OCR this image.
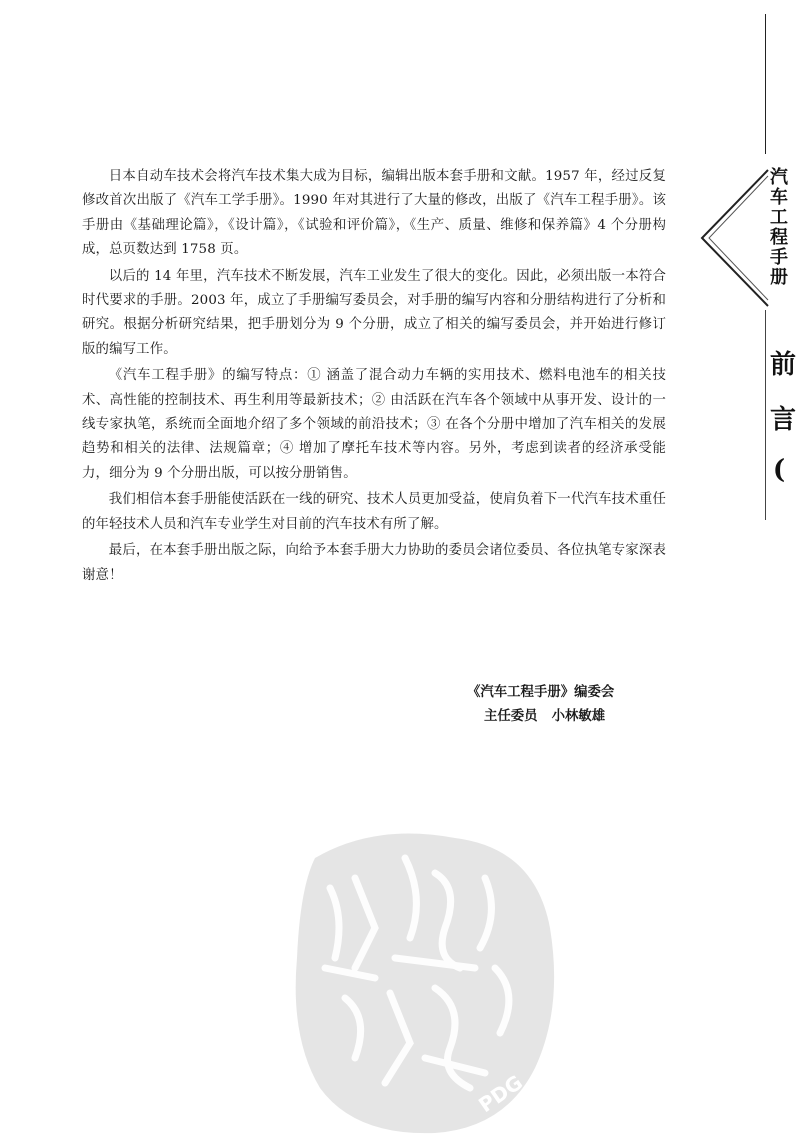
日本自动车技术会将汽车技术集大成为目标，编辑出版本套手册和文献。1957 年，经过反复修改首次出版了《汽车工学手册》。1990 年对其进行了大量的修改，出版了《汽车工程手册》。该手册由《基础理论篇》，《设计篇》，《试验和评价篇》，《生产、质量、维修和保养篇》4 个分册构成，总页数达到 1758 页。

以后的 14 年里，汽车技术不断发展，汽车工业发生了很大的变化。因此，必须出版一本符合时代要求的手册。2003 年，成立了手册编写委员会，对手册的编写内容和分册结构进行了分析和研究。根据分析研究结果，把手册划分为 9 个分册，成立了相关的编写委员会，并开始进行修订版的编写工作。

《汽车工程手册》的编写特点：① 涵盖了混合动力车辆的实用技术、燃料电池车的相关技术、高性能的控制技术、再生利用等最新技术；② 由活跃在汽车各个领域中从事开发、设计的一线专家执笔，系统而全面地介绍了多个领域的前沿技术；③ 在各个分册中增加了汽车相关的发展趋势和相关的法律、法规篇章；④ 增加了摩托车技术等内容。另外，考虑到读者的经济承受能力，细分为 9 个分册出版，可以按分册销售。

我们相信本套手册能使活跃在一线的研究、技术人员更加受益，使肩负着下一代汽车技术重任的年轻技术人员和汽车专业学生对目前的汽车技术有所了解。

最后，在本套手册出版之际，向给予本套手册大力协助的委员会诸位委员、各位执笔专家深表谢意！

《汽车工程手册》编委会
主任委员 小林敏雄
汽
车
工
程
手
册
前
言
(
PDG
